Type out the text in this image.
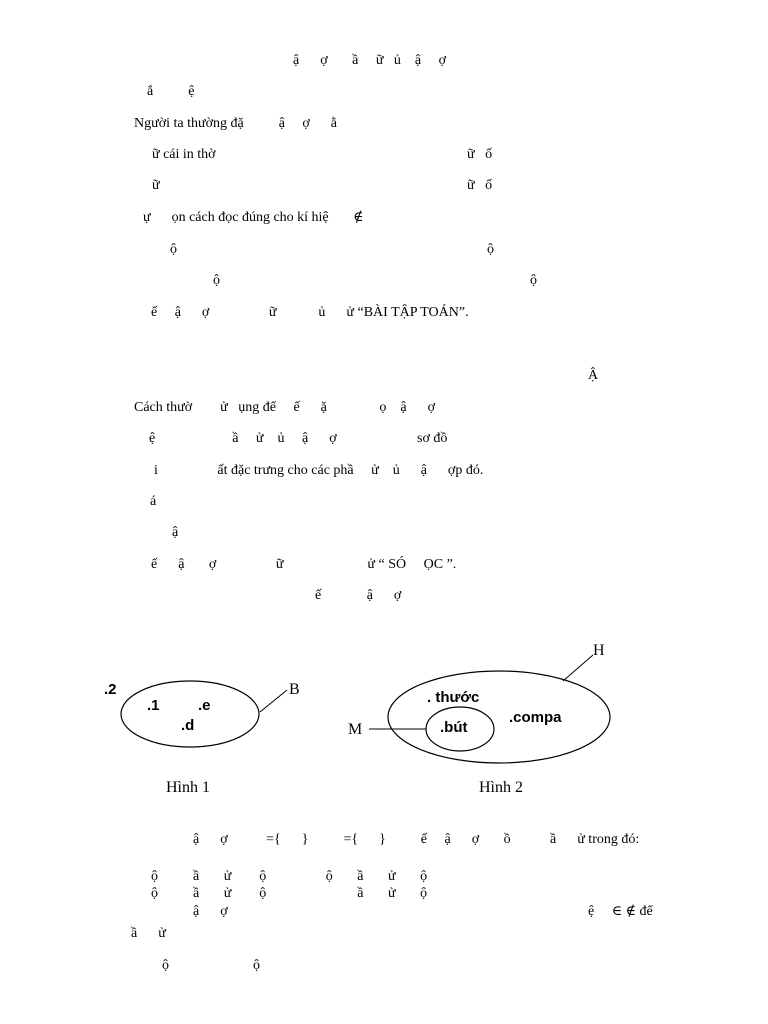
ậ      ợ       ầ     ữ   ủ    ậ     ợ
ắ          ệ
Người ta thường đặ          ậ     ợ      ằ
ữ cái in thờ	ữ   ố
ữ	ữ   ố
ự      ọn cách đọc đúng cho kí hiệ       ∉
ộ	ộ
ộ	ộ
ế     ậ      ợ                 ữ            ủ      ử “BÀI TẬP TOÁN”.
Ậ
Cách thườ        ử   ụng để     ế      ặ               ọ    ậ      ợ
ệ                      ầ     ử    ủ     ậ      ợ	sơ đồ
i                 ất đặc trưng cho các phầ     ử    ủ      ậ      ợp đó.
á
ậ
ế      ậ       ợ                 ữ                        ử “ SÓ     ỌC ”.
ế             ậ      ợ
.2	B
.1	.e
.d
Hình 1
H
. thước
.compa
M	.bút
Hình 2
ậ      ợ           ={      }          ={      }          ế     ậ      ợ       ồ	ầ      ử trong đó:
ộ          ầ       ử        ộ                 ộ       ầ       ử       ộ
ộ          ầ       ử        ộ                          ầ       ử       ộ
ậ      ợ	ệ     ∈ ∉ để
ầ      ử
ộ                        ộ
